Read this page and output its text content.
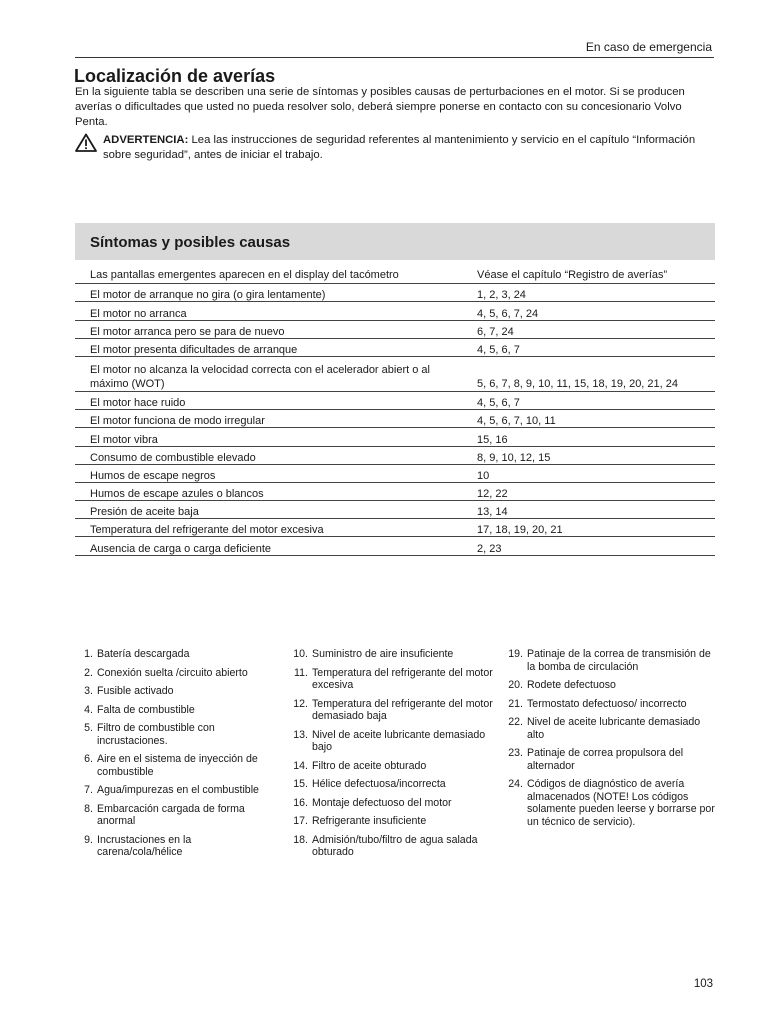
En caso de emergencia
Localización de averías

En la siguiente tabla se describen una serie de síntomas y posibles causas de perturbaciones en el motor. Si se producen averías o dificultades que usted no pueda resolver solo, deberá siempre ponerse en contacto con su concesionario Volvo Penta.

ADVERTENCIA: Lea las instrucciones de seguridad referentes al mantenimiento y servicio en el capítulo “Información sobre seguridad”, antes de iniciar el trabajo.

Síntomas y posibles causas
Las pantallas emergentes aparecen en el display del tacómetro	Véase el capítulo “Registro de averías”
El motor de arranque no gira (o gira lentamente)	1, 2, 3, 24
El motor no arranca	4, 5, 6, 7, 24
El motor arranca pero se para de nuevo	6, 7, 24
El motor presenta dificultades de arranque	4, 5, 6, 7
El motor no alcanza la velocidad correcta con el acelerador abiert o al máximo (WOT)	5, 6, 7, 8, 9, 10, 11, 15, 18, 19, 20, 21, 24
El motor hace ruido	4, 5, 6, 7
El motor funciona de modo irregular	4, 5, 6, 7, 10, 11
El motor vibra	15, 16
Consumo de combustible elevado	8, 9, 10, 12, 15
Humos de escape negros	10
Humos de escape azules o blancos	12, 22
Presión de aceite baja	13, 14
Temperatura del refrigerante del motor excesiva	17, 18, 19, 20, 21
Ausencia de carga o carga deficiente	2, 23
1. Batería descargada
2. Conexión suelta /circuito abierto
3. Fusible activado
4. Falta de combustible
5. Filtro de combustible con incrustaciones.
6. Aire en el sistema de inyección de combustible
7. Agua/impurezas en el combustible
8. Embarcación cargada de forma anormal
9. Incrustaciones en la carena/cola/hélice
10. Suministro de aire insuficiente
11. Temperatura del refrigerante del motor excesiva
12. Temperatura del refrigerante del motor demasiado baja
13. Nivel de aceite lubricante demasiado bajo
14. Filtro de aceite obturado
15. Hélice defectuosa/incorrecta
16. Montaje defectuoso del motor
17. Refrigerante insuficiente
18. Admisión/tubo/filtro de agua salada obturado
19. Patinaje de la correa de transmisión de la bomba de circulación
20. Rodete defectuoso
21. Termostato defectuoso/ incorrecto
22. Nivel de aceite lubricante demasiado alto
23. Patinaje de correa propulsora del alternador
24. Códigos de diagnóstico de avería almacenados (NOTE! Los códigos solamente pueden leerse y borrarse por un técnico de servicio).
103
